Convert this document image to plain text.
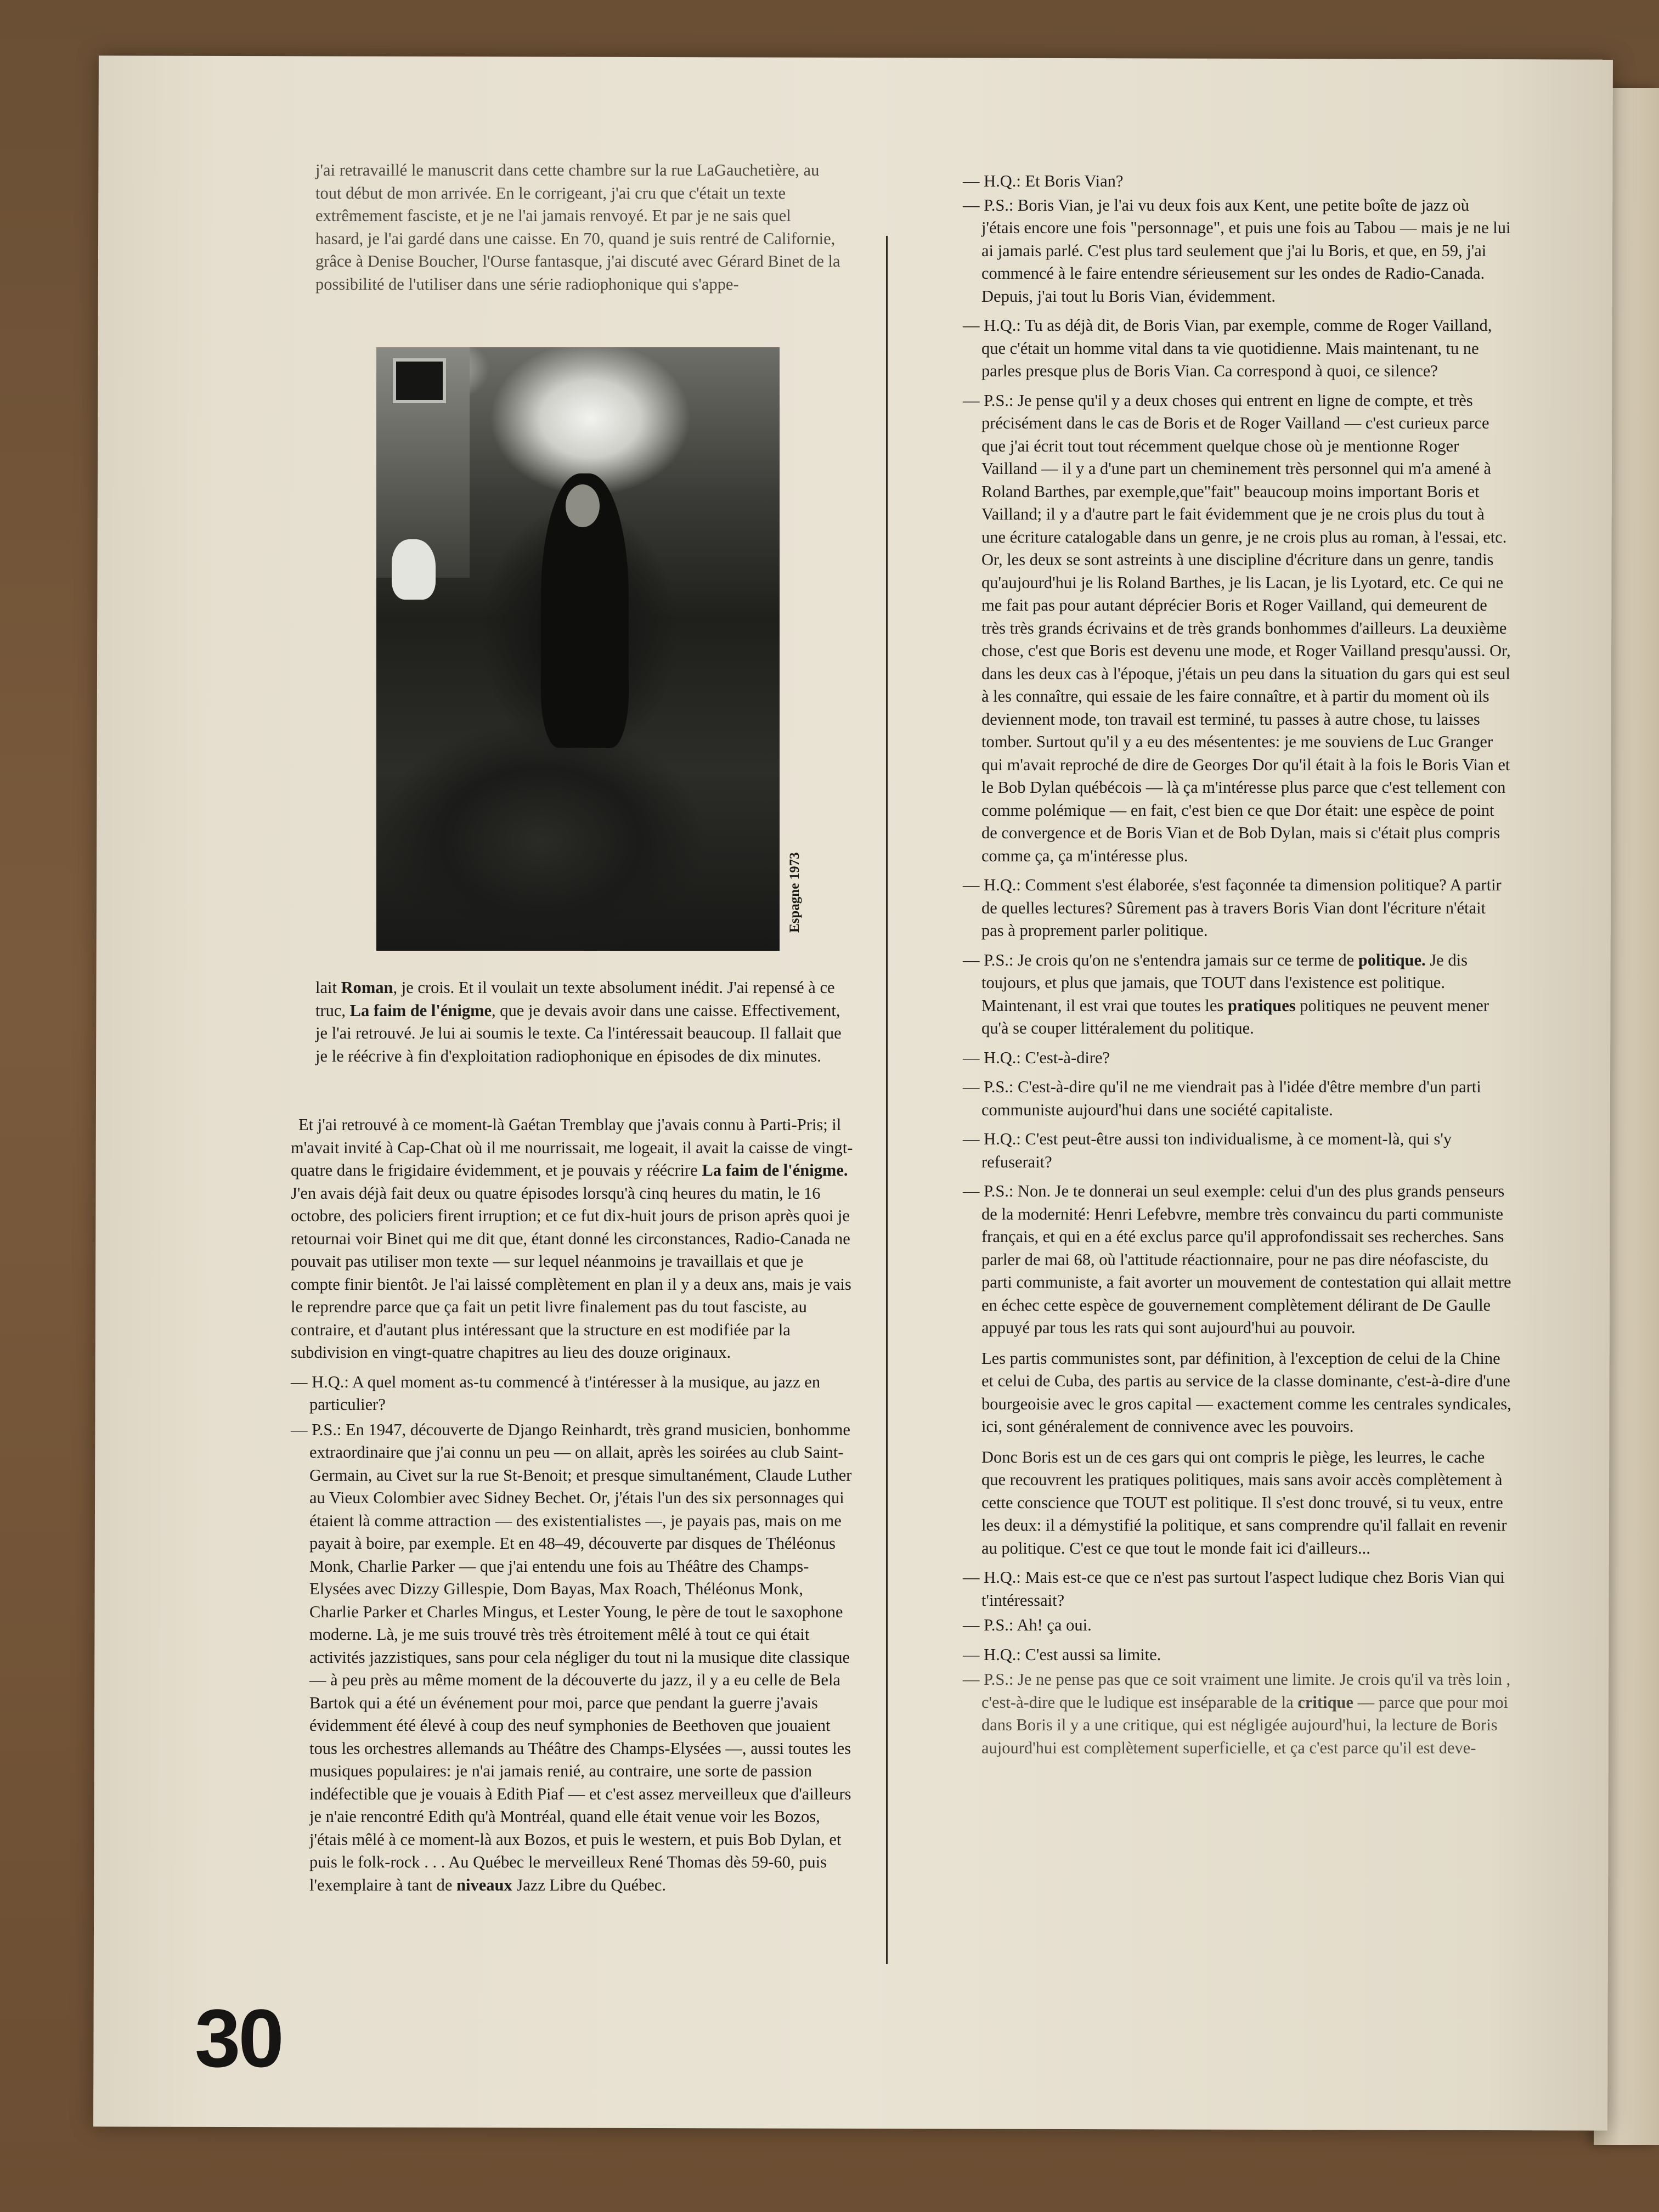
j'ai retravaillé le manuscrit dans cette chambre sur la rue LaGauchetière, au tout début de mon arrivée. En le corrigeant, j'ai cru que c'était un texte extrêmement fasciste, et je ne l'ai jamais renvoyé. Et par je ne sais quel hasard, je l'ai gardé dans une caisse. En 70, quand je suis rentré de Californie, grâce à Denise Boucher, l'Ourse fantasque, j'ai discuté avec Gérard Binet de la possibilité de l'utiliser dans une série radiophonique qui s'appe-

Espagne 1973

lait Roman, je crois. Et il voulait un texte absolument inédit. J'ai repensé à ce truc, La faim de l'énigme, que je devais avoir dans une caisse. Effectivement, je l'ai retrouvé. Je lui ai soumis le texte. Ca l'intéressait beaucoup. Il fallait que je le réécrive à fin d'exploitation radiophonique en épisodes de dix minutes.

Et j'ai retrouvé à ce moment-là Gaétan Tremblay que j'avais connu à Parti-Pris; il m'avait invité à Cap-Chat où il me nourrissait, me logeait, il avait la caisse de vingt-quatre dans le frigidaire évidemment, et je pouvais y réécrire La faim de l'énigme. J'en avais déjà fait deux ou quatre épisodes lorsqu'à cinq heures du matin, le 16 octobre, des policiers firent irruption; et ce fut dix-huit jours de prison après quoi je retournai voir Binet qui me dit que, étant donné les circonstances, Radio-Canada ne pouvait pas utiliser mon texte — sur lequel néanmoins je travaillais et que je compte finir bientôt. Je l'ai laissé complètement en plan il y a deux ans, mais je vais le reprendre parce que ça fait un petit livre finalement pas du tout fasciste, au contraire, et d'autant plus intéressant que la structure en est modifiée par la subdivision en vingt-quatre chapitres au lieu des douze originaux.

— H.Q.: A quel moment as-tu commencé à t'intéresser à la musique, au jazz en particulier?

— P.S.: En 1947, découverte de Django Reinhardt, très grand musicien, bonhomme extraordinaire que j'ai connu un peu — on allait, après les soirées au club Saint-Germain, au Civet sur la rue St-Benoit; et presque simultanément, Claude Luther au Vieux Colombier avec Sidney Bechet. Or, j'étais l'un des six personnages qui étaient là comme attraction — des existentialistes —, je payais pas, mais on me payait à boire, par exemple. Et en 48–49, découverte par disques de Théléonus Monk, Charlie Parker — que j'ai entendu une fois au Théâtre des Champs-Elysées avec Dizzy Gillespie, Dom Bayas, Max Roach, Théléonus Monk, Charlie Parker et Charles Mingus, et Lester Young, le père de tout le saxophone moderne. Là, je me suis trouvé très très étroitement mêlé à tout ce qui était activités jazzistiques, sans pour cela négliger du tout ni la musique dite classique — à peu près au même moment de la découverte du jazz, il y a eu celle de Bela Bartok qui a été un événement pour moi, parce que pendant la guerre j'avais évidemment été élevé à coup des neuf symphonies de Beethoven que jouaient tous les orchestres allemands au Théâtre des Champs-Elysées —, aussi toutes les musiques populaires: je n'ai jamais renié, au contraire, une sorte de passion indéfectible que je vouais à Edith Piaf — et c'est assez merveilleux que d'ailleurs je n'aie rencontré Edith qu'à Montréal, quand elle était venue voir les Bozos, j'étais mêlé à ce moment-là aux Bozos, et puis le western, et puis Bob Dylan, et puis le folk-rock . . . Au Québec le merveilleux René Thomas dès 59-60, puis l'exemplaire à tant de niveaux Jazz Libre du Québec.

— H.Q.: Et Boris Vian?

— P.S.: Boris Vian, je l'ai vu deux fois aux Kent, une petite boîte de jazz où j'étais encore une fois "personnage", et puis une fois au Tabou — mais je ne lui ai jamais parlé. C'est plus tard seulement que j'ai lu Boris, et que, en 59, j'ai commencé à le faire entendre sérieusement sur les ondes de Radio-Canada. Depuis, j'ai tout lu Boris Vian, évidemment.

— H.Q.: Tu as déjà dit, de Boris Vian, par exemple, comme de Roger Vailland, que c'était un homme vital dans ta vie quotidienne. Mais maintenant, tu ne parles presque plus de Boris Vian. Ca correspond à quoi, ce silence?

— P.S.: Je pense qu'il y a deux choses qui entrent en ligne de compte, et très précisément dans le cas de Boris et de Roger Vailland — c'est curieux parce que j'ai écrit tout tout récemment quelque chose où je mentionne Roger Vailland — il y a d'une part un cheminement très personnel qui m'a amené à Roland Barthes, par exemple,que"fait" beaucoup moins important Boris et Vailland; il y a d'autre part le fait évidemment que je ne crois plus du tout à une écriture catalogable dans un genre, je ne crois plus au roman, à l'essai, etc. Or, les deux se sont astreints à une discipline d'écriture dans un genre, tandis qu'aujourd'hui je lis Roland Barthes, je lis Lacan, je lis Lyotard, etc. Ce qui ne me fait pas pour autant déprécier Boris et Roger Vailland, qui demeurent de très très grands écrivains et de très grands bonhommes d'ailleurs. La deuxième chose, c'est que Boris est devenu une mode, et Roger Vailland presqu'aussi. Or, dans les deux cas à l'époque, j'étais un peu dans la situation du gars qui est seul à les connaître, qui essaie de les faire connaître, et à partir du moment où ils deviennent mode, ton travail est terminé, tu passes à autre chose, tu laisses tomber. Surtout qu'il y a eu des mésententes: je me souviens de Luc Granger qui m'avait reproché de dire de Georges Dor qu'il était à la fois le Boris Vian et le Bob Dylan québécois — là ça m'intéresse plus parce que c'est tellement con comme polémique — en fait, c'est bien ce que Dor était: une espèce de point de convergence et de Boris Vian et de Bob Dylan, mais si c'était plus compris comme ça, ça m'intéresse plus.

— H.Q.: Comment s'est élaborée, s'est façonnée ta dimension politique? A partir de quelles lectures? Sûrement pas à travers Boris Vian dont l'écriture n'était pas à proprement parler politique.

— P.S.: Je crois qu'on ne s'entendra jamais sur ce terme de politique. Je dis toujours, et plus que jamais, que TOUT dans l'existence est politique. Maintenant, il est vrai que toutes les pratiques politiques ne peuvent mener qu'à se couper littéralement du politique.

— H.Q.: C'est-à-dire?

— P.S.: C'est-à-dire qu'il ne me viendrait pas à l'idée d'être membre d'un parti communiste aujourd'hui dans une société capitaliste.

— H.Q.: C'est peut-être aussi ton individualisme, à ce moment-là, qui s'y refuserait?

— P.S.: Non. Je te donnerai un seul exemple: celui d'un des plus grands penseurs de la modernité: Henri Lefebvre, membre très convaincu du parti communiste français, et qui en a été exclus parce qu'il approfondissait ses recherches. Sans parler de mai 68, où l'attitude réactionnaire, pour ne pas dire néofasciste, du parti communiste, a fait avorter un mouvement de contestation qui allait mettre en échec cette espèce de gouvernement complètement délirant de De Gaulle appuyé par tous les rats qui sont aujourd'hui au pouvoir.

Les partis communistes sont, par définition, à l'exception de celui de la Chine et celui de Cuba, des partis au service de la classe dominante, c'est-à-dire d'une bourgeoisie avec le gros capital — exactement comme les centrales syndicales, ici, sont généralement de connivence avec les pouvoirs.

Donc Boris est un de ces gars qui ont compris le piège, les leurres, le cache que recouvrent les pratiques politiques, mais sans avoir accès complètement à cette conscience que TOUT est politique. Il s'est donc trouvé, si tu veux, entre les deux: il a démystifié la politique, et sans comprendre qu'il fallait en revenir au politique. C'est ce que tout le monde fait ici d'ailleurs...

— H.Q.: Mais est-ce que ce n'est pas surtout l'aspect ludique chez Boris Vian qui t'intéressait?

— P.S.: Ah! ça oui.

— H.Q.: C'est aussi sa limite.

— P.S.: Je ne pense pas que ce soit vraiment une limite. Je crois qu'il va très loin , c'est-à-dire que le ludique est inséparable de la critique — parce que pour moi dans Boris il y a une critique, qui est négligée aujourd'hui, la lecture de Boris aujourd'hui est complètement superficielle, et ça c'est parce qu'il est deve-

30
